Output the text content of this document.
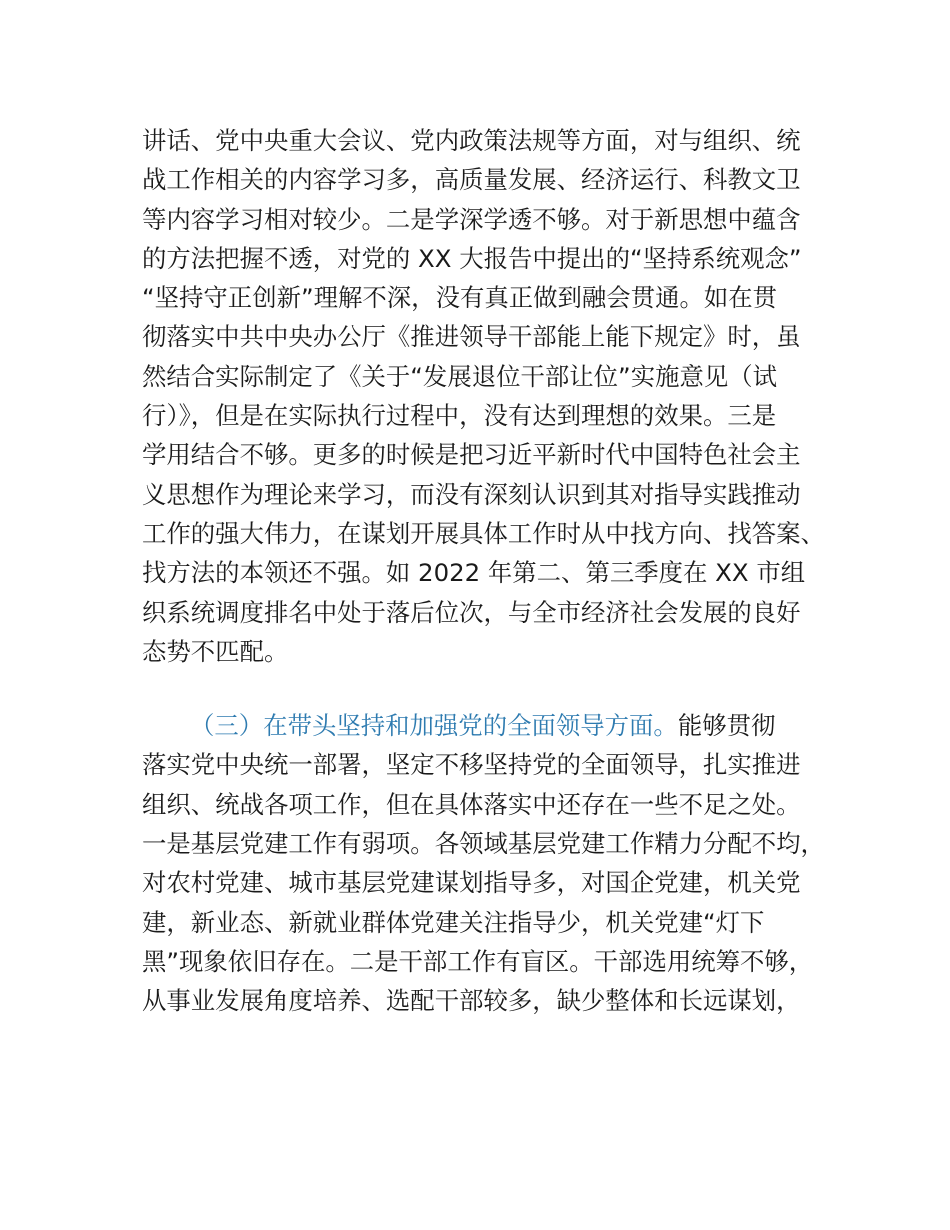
讲话、党中央重大会议、党内政策法规等方面，对与组织、统
战工作相关的内容学习多，高质量发展、经济运行、科教文卫
等内容学习相对较少。二是学深学透不够。对于新思想中蕴含
的方法把握不透，对党的 XX 大报告中提出的“坚持系统观念”
“坚持守正创新”理解不深，没有真正做到融会贯通。如在贯
彻落实中共中央办公厅《推进领导干部能上能下规定》时，虽
然结合实际制定了《关于“发展退位干部让位”实施意见（试
行）》，但是在实际执行过程中，没有达到理想的效果。三是
学用结合不够。更多的时候是把习近平新时代中国特色社会主
义思想作为理论来学习，而没有深刻认识到其对指导实践推动
工作的强大伟力，在谋划开展具体工作时从中找方向、找答案、
找方法的本领还不强。如 2022 年第二、第三季度在 XX 市组
织系统调度排名中处于落后位次，与全市经济社会发展的良好
态势不匹配。
（三）在带头坚持和加强党的全面领导方面。能够贯彻
落实党中央统一部署，坚定不移坚持党的全面领导，扎实推进
组织、统战各项工作，但在具体落实中还存在一些不足之处。
一是基层党建工作有弱项。各领域基层党建工作精力分配不均，
对农村党建、城市基层党建谋划指导多，对国企党建，机关党
建，新业态、新就业群体党建关注指导少，机关党建“灯下
黑”现象依旧存在。二是干部工作有盲区。干部选用统筹不够，
从事业发展角度培养、选配干部较多，缺少整体和长远谋划，
